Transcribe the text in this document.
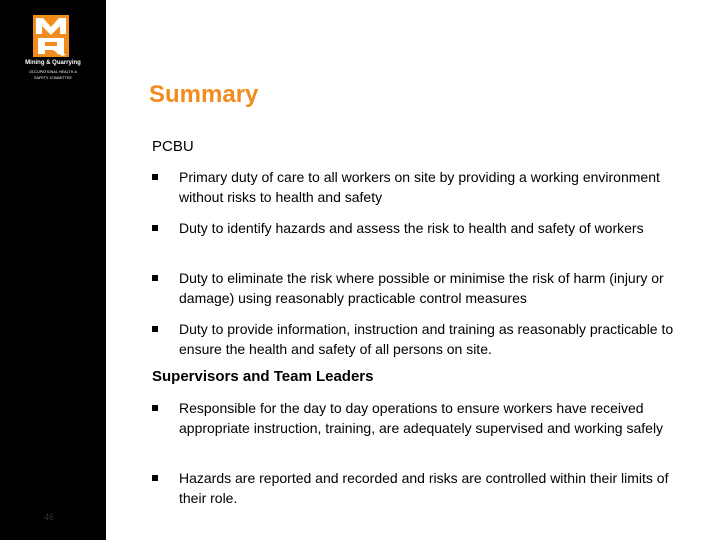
Mining & Quarrying
OCCUPATIONAL HEALTH &
SAFETY COMMITTEE
46
Summary
PCBU
Primary duty of care to all workers on site by providing a working environment without risks to health and safety
Duty to identify hazards and assess the risk to health and safety of workers
Duty to eliminate the risk where possible or minimise the risk of harm (injury or damage) using reasonably practicable control measures
Duty to provide information, instruction and training as reasonably practicable to ensure the health and safety of all persons on site.
Supervisors and Team Leaders
Responsible for the day to day operations to ensure workers have received appropriate instruction, training, are adequately supervised and working safely
Hazards are reported and recorded and risks are controlled within their limits of their role.
